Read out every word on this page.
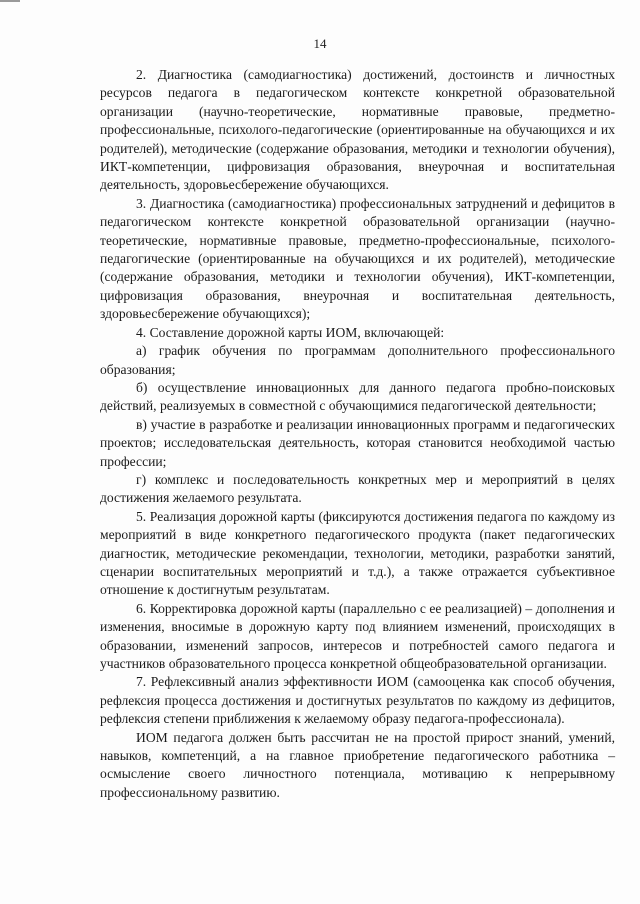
14

2. Диагностика (самодиагностика) достижений, достоинств и личностных ресурсов педагога в педагогическом контексте конкретной образовательной организации (научно-теоретические, нормативные правовые, предметно-профессиональные, психолого-педагогические (ориентированные на обучающихся и их родителей), методические (содержание образования, методики и технологии обучения), ИКТ-компетенции, цифровизация образования, внеурочная и воспитательная деятельность, здоровьесбережение обучающихся.

3. Диагностика (самодиагностика) профессиональных затруднений и дефицитов в педагогическом контексте конкретной образовательной организации (научно-теоретические, нормативные правовые, предметно-профессиональные, психолого-педагогические (ориентированные на обучающихся и их родителей), методические (содержание образования, методики и технологии обучения), ИКТ-компетенции, цифровизация образования, внеурочная и воспитательная деятельность, здоровьесбережение обучающихся);

4. Составление дорожной карты ИОМ, включающей:

а) график обучения по программам дополнительного профессионального образования;

б) осуществление инновационных для данного педагога пробно-поисковых действий, реализуемых в совместной с обучающимися педагогической деятельности;

в) участие в разработке и реализации инновационных программ и педагогических проектов; исследовательская деятельность, которая становится необходимой частью профессии;

г) комплекс и последовательность конкретных мер и мероприятий в целях достижения желаемого результата.

5. Реализация дорожной карты (фиксируются достижения педагога по каждому из мероприятий в виде конкретного педагогического продукта (пакет педагогических диагностик, методические рекомендации, технологии, методики, разработки занятий, сценарии воспитательных мероприятий и т.д.), а также отражается субъективное отношение к достигнутым результатам.

6. Корректировка дорожной карты (параллельно с ее реализацией) – дополнения и изменения, вносимые в дорожную карту под влиянием изменений, происходящих в образовании, изменений запросов, интересов и потребностей самого педагога и участников образовательного процесса конкретной общеобразовательной организации.

7. Рефлексивный анализ эффективности ИОМ (самооценка как способ обучения, рефлексия процесса достижения и достигнутых результатов по каждому из дефицитов, рефлексия степени приближения к желаемому образу педагога-профессионала).

ИОМ педагога должен быть рассчитан не на простой прирост знаний, умений, навыков, компетенций, а на главное приобретение педагогического работника – осмысление своего личностного потенциала, мотивацию к непрерывному профессиональному развитию.
